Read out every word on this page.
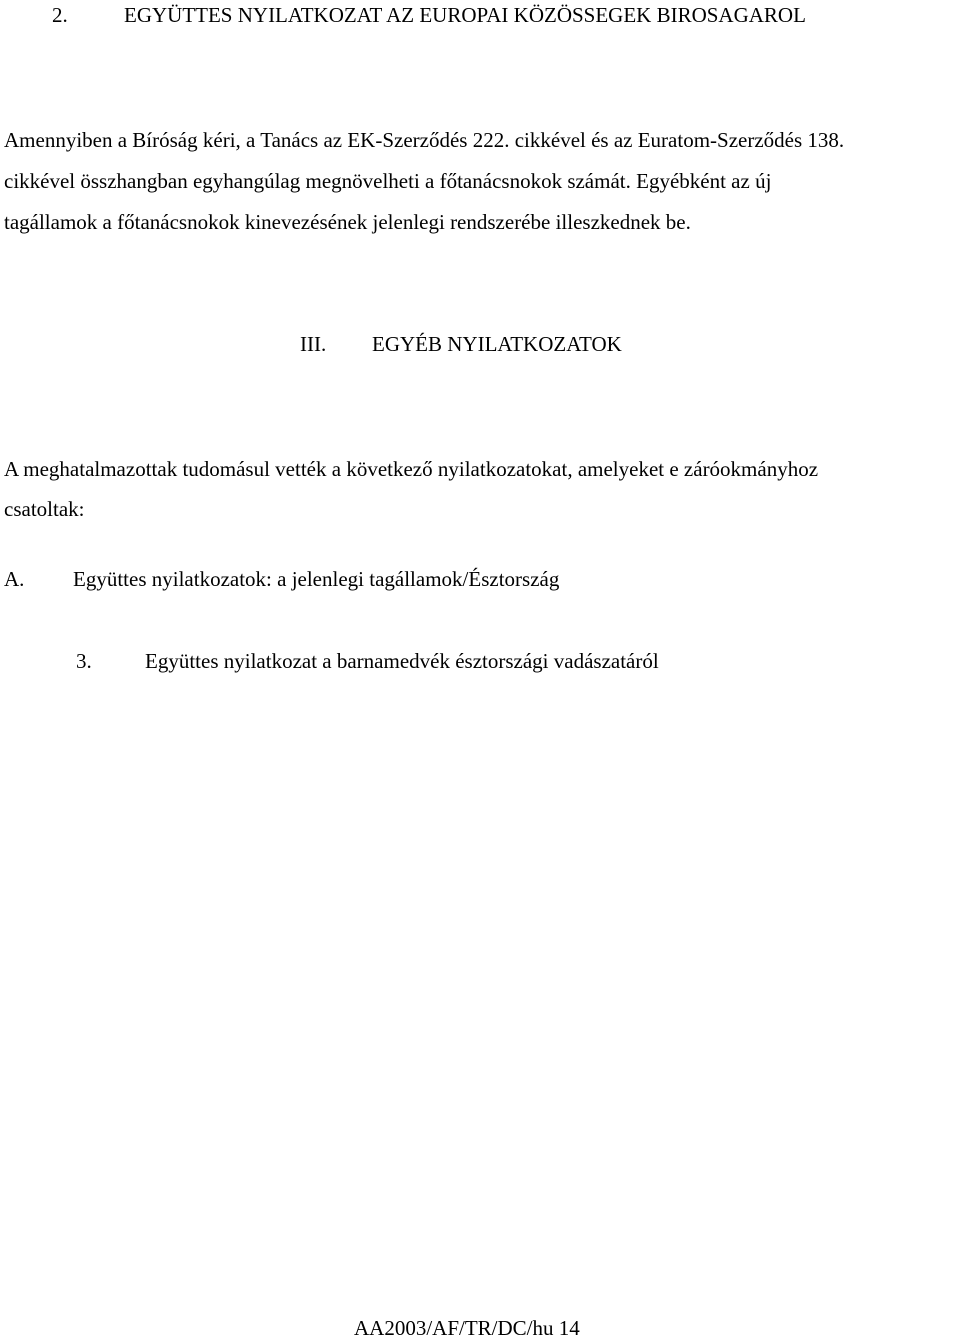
2.	EGYÜTTES NYILATKOZAT AZ EUROPAI KÖZÖSSEGEK BIROSAGAROL
Amennyiben a Bíróság kéri, a Tanács az EK-Szerződés 222. cikkével és az Euratom-Szerződés 138.
cikkével összhangban egyhangúlag megnövelheti a főtanácsnokok számát. Egyébként az új
tagállamok a főtanácsnokok kinevezésének jelenlegi rendszerébe illeszkednek be.
III. EGYÉB NYILATKOZATOK
A meghatalmazottak tudomásul vették a következő nyilatkozatokat, amelyeket e záróokmányhoz
csatoltak:
A. Együttes nyilatkozatok: a jelenlegi tagállamok/Észtország
3.	Együttes nyilatkozat a barnamedvék észtországi vadászatáról
AA2003/AF/TR/DC/hu 14
